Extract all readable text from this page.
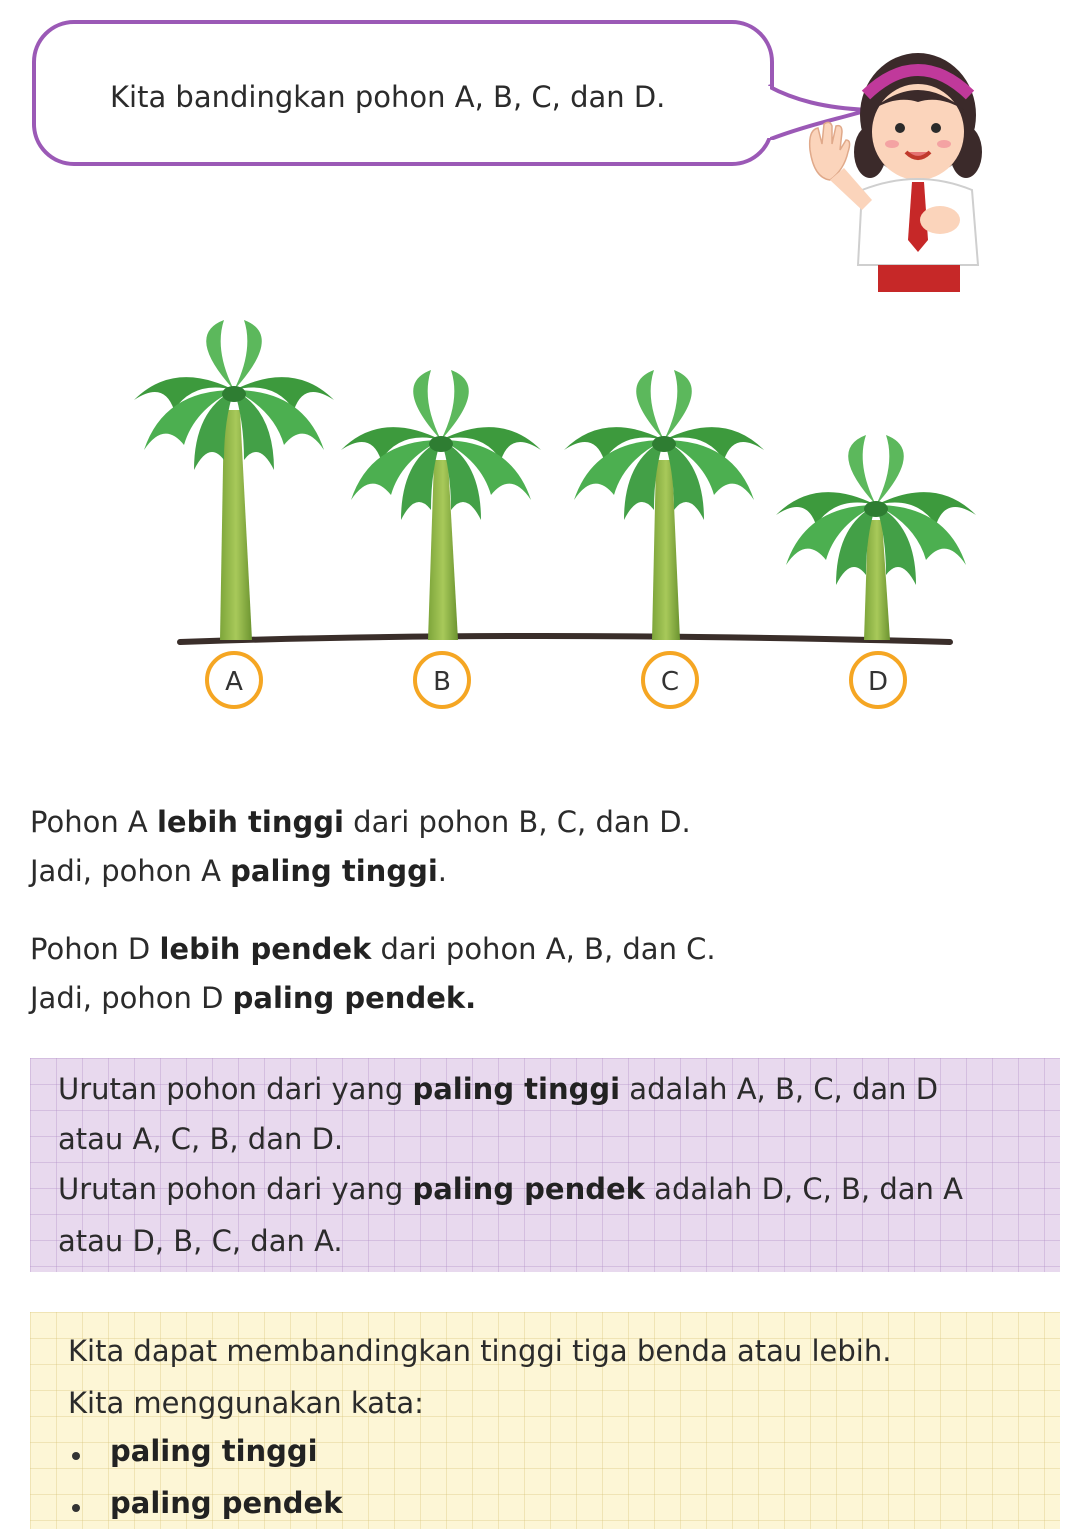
Kita bandingkan pohon A, B, C, dan D.
A	B	C	D
Pohon A lebih tinggi dari pohon B, C, dan D.
Jadi, pohon A paling tinggi.
Pohon D lebih pendek dari pohon A, B, dan C.
Jadi, pohon D paling pendek.
Urutan pohon dari yang paling tinggi adalah A, B, C, dan D
atau A, C, B, dan D.
Urutan pohon dari yang paling pendek adalah D, C, B, dan A
atau D, B, C, dan A.
Kita dapat membandingkan tinggi tiga benda atau lebih.
Kita menggunakan kata:
paling tinggi
paling pendek
